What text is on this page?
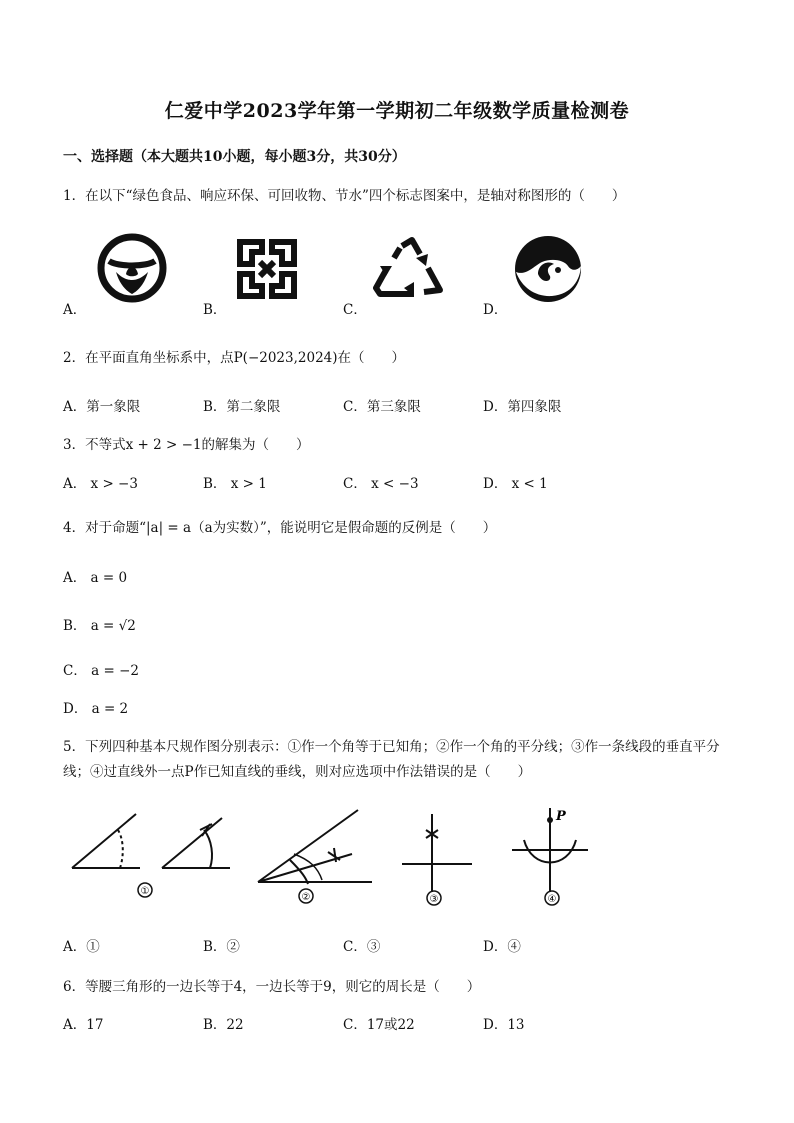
仁爱中学2023学年第一学期初二年级数学质量检测卷
一、选择题（本大题共10小题，每小题3分，共30分）
1．在以下“绿色食品、响应环保、可回收物、节水”四个标志图案中，是轴对称图形的（　　）
A．	B．	C．	D．
2．在平面直角坐标系中，点P(−2023,2024)在（　　）
A．第一象限	B．第二象限	C．第三象限	D．第四象限
3．不等式x + 2 > −1的解集为（　　）
A． x > −3	B． x > 1	C． x < −3	D． x < 1
4．对于命题“|a| = a（a为实数）”，能说明它是假命题的反例是（　　）
A． a = 0
B． a = √2
C． a = −2
D． a = 2
5．下列四种基本尺规作图分别表示：①作一个角等于已知角；②作一个角的平分线；③作一条线段的垂直平分
线；④过直线外一点P作已知直线的垂线，则对应选项中作法错误的是（　　）
①
②	③	④
P
A．①	B．②	C．③	D．④
6．等腰三角形的一边长等于4，一边长等于9，则它的周长是（　　）
A．17	B．22	C．17或22	D．13
